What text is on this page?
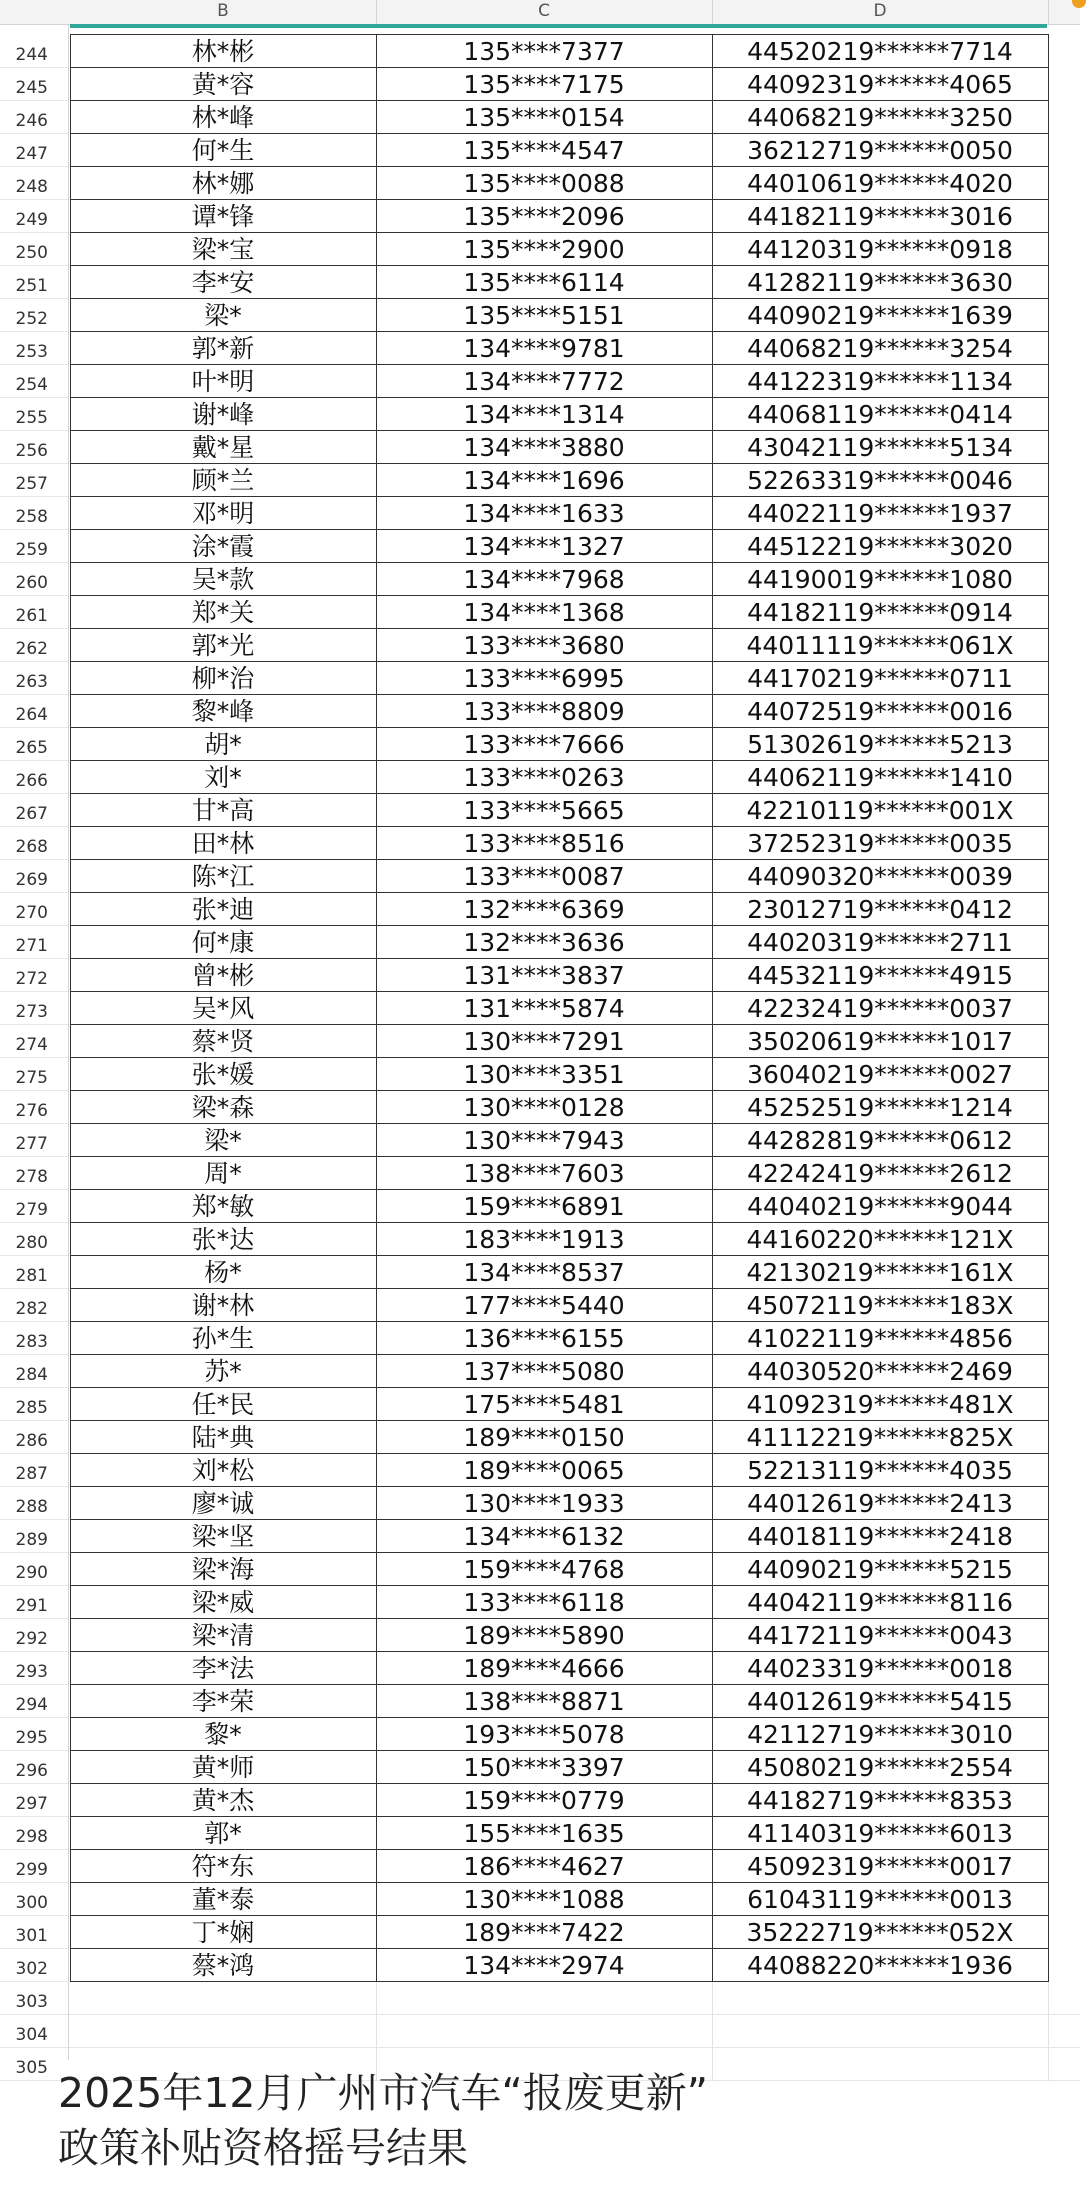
244	林*彬	135****7377	44520219******7714
245	黄*容	135****7175	44092319******4065
246	林*峰	135****0154	44068219******3250
247	何*生	135****4547	36212719******0050
248	林*娜	135****0088	44010619******4020
249	谭*锋	135****2096	44182119******3016
250	梁*宝	135****2900	44120319******0918
251	李*安	135****6114	41282119******3630
252	梁*	135****5151	44090219******1639
253	郭*新	134****9781	44068219******3254
254	叶*明	134****7772	44122319******1134
255	谢*峰	134****1314	44068119******0414
256	戴*星	134****3880	43042119******5134
257	顾*兰	134****1696	52263319******0046
258	邓*明	134****1633	44022119******1937
259	涂*霞	134****1327	44512219******3020
260	吴*款	134****7968	44190019******1080
261	郑*关	134****1368	44182119******0914
262	郭*光	133****3680	44011119******061X
263	柳*治	133****6995	44170219******0711
264	黎*峰	133****8809	44072519******0016
265	胡*	133****7666	51302619******5213
266	刘*	133****0263	44062119******1410
267	甘*高	133****5665	42210119******001X
268	田*林	133****8516	37252319******0035
269	陈*江	133****0087	44090320******0039
270	张*迪	132****6369	23012719******0412
271	何*康	132****3636	44020319******2711
272	曾*彬	131****3837	44532119******4915
273	吴*风	131****5874	42232419******0037
274	蔡*贤	130****7291	35020619******1017
275	张*媛	130****3351	36040219******0027
276	梁*森	130****0128	45252519******1214
277	梁*	130****7943	44282819******0612
278	周*	138****7603	42242419******2612
279	郑*敏	159****6891	44040219******9044
280	张*达	183****1913	44160220******121X
281	杨*	134****8537	42130219******161X
282	谢*林	177****5440	45072119******183X
283	孙*生	136****6155	41022119******4856
284	苏*	137****5080	44030520******2469
285	任*民	175****5481	41092319******481X
286	陆*典	189****0150	41112219******825X
287	刘*松	189****0065	52213119******4035
288	廖*诚	130****1933	44012619******2413
289	梁*坚	134****6132	44018119******2418
290	梁*海	159****4768	44090219******5215
291	梁*威	133****6118	44042119******8116
292	梁*清	189****5890	44172119******0043
293	李*法	189****4666	44023319******0018
294	李*荣	138****8871	44012619******5415
295	黎*	193****5078	42112719******3010
296	黄*师	150****3397	45080219******2554
297	黄*杰	159****0779	44182719******8353
298	郭*	155****1635	41140319******6013
299	符*东	186****4627	45092319******0017
300	董*泰	130****1088	61043119******0013
301	丁*娴	189****7422	35222719******052X
302	蔡*鸿	134****2974	44088220******1936
303
304
305
B	C	D
2025年12月广州市汽车“报废更新”
政策补贴资格摇号结果
